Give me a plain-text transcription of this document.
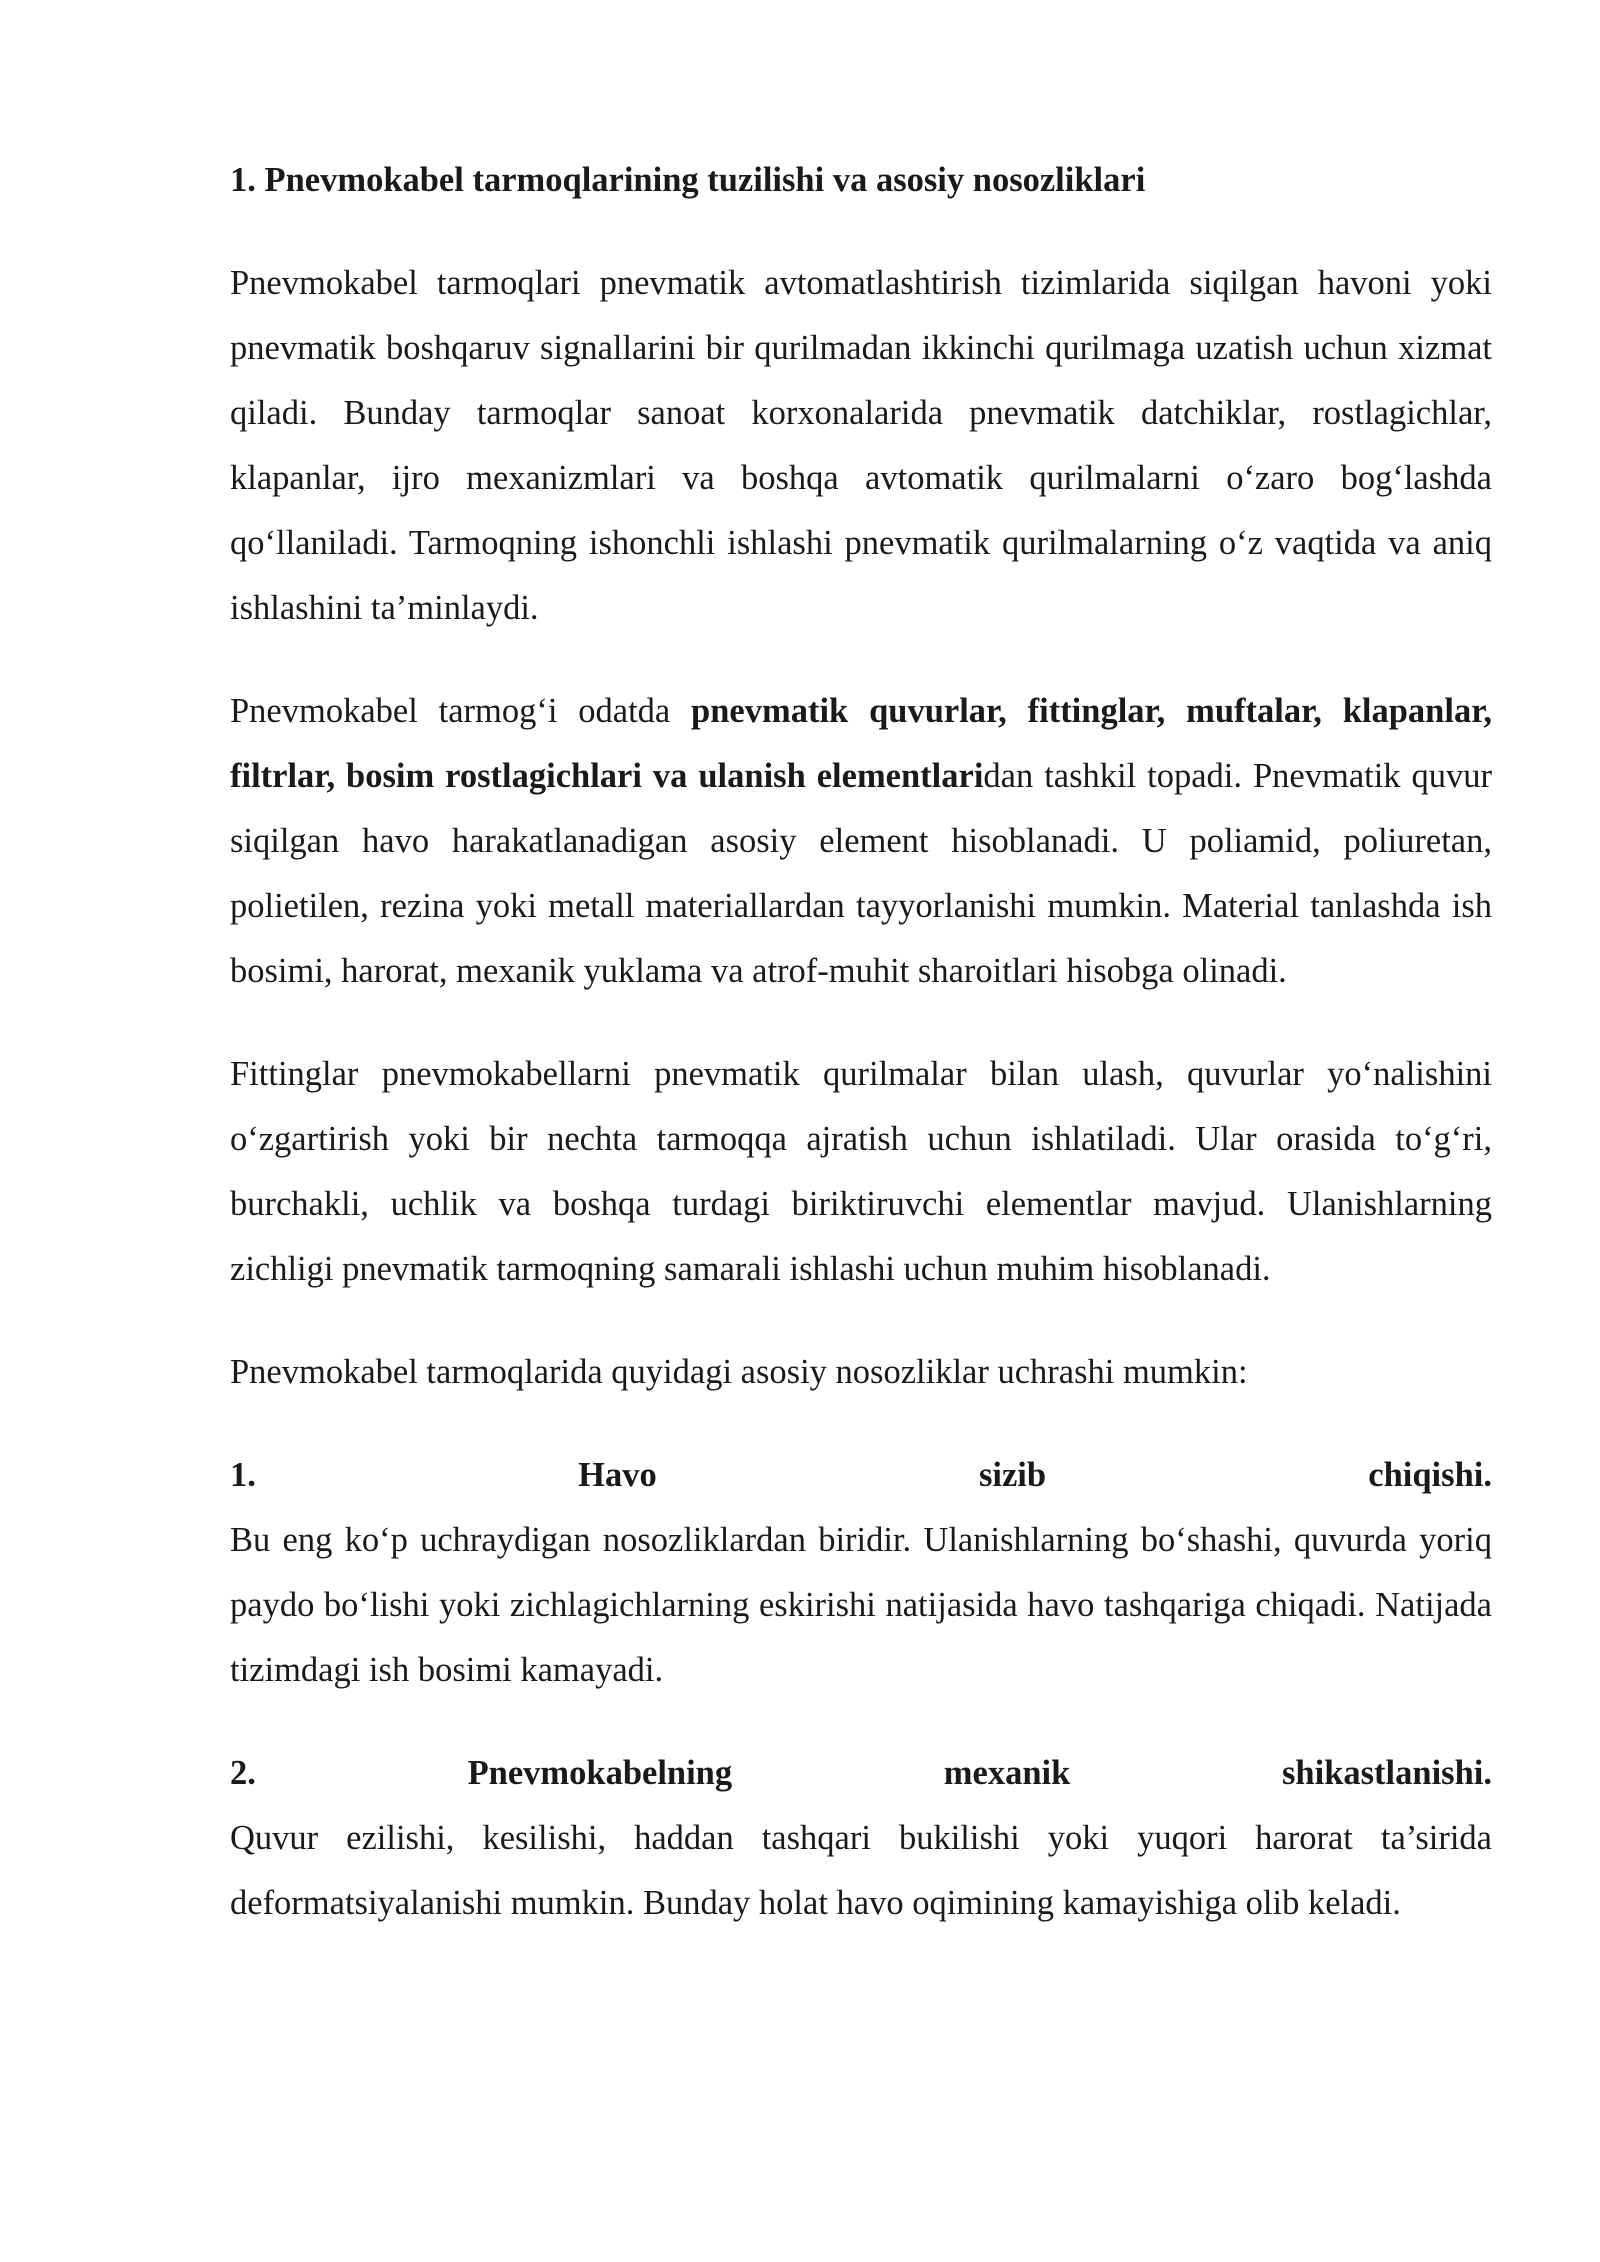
1. Pnevmokabel tarmoqlarining tuzilishi va asosiy nosozliklari

Pnevmokabel tarmoqlari pnevmatik avtomatlashtirish tizimlarida siqilgan havoni yoki pnevmatik boshqaruv signallarini bir qurilmadan ikkinchi qurilmaga uzatish uchun xizmat qiladi. Bunday tarmoqlar sanoat korxonalarida pnevmatik datchiklar, rostlagichlar, klapanlar, ijro mexanizmlari va boshqa avtomatik qurilmalarni o‘zaro bog‘lashda qo‘llaniladi. Tarmoqning ishonchli ishlashi pnevmatik qurilmalarning o‘z vaqtida va aniq ishlashini ta’minlaydi.

Pnevmokabel tarmog‘i odatda pnevmatik quvurlar, fittinglar, muftalar, klapanlar, filtrlar, bosim rostlagichlari va ulanish elementlaridan tashkil topadi. Pnevmatik quvur siqilgan havo harakatlanadigan asosiy element hisoblanadi. U poliamid, poliuretan, polietilen, rezina yoki metall materiallardan tayyorlanishi mumkin. Material tanlashda ish bosimi, harorat, mexanik yuklama va atrof-muhit sharoitlari hisobga olinadi.

Fittinglar pnevmokabellarni pnevmatik qurilmalar bilan ulash, quvurlar yo‘nalishini o‘zgartirish yoki bir nechta tarmoqqa ajratish uchun ishlatiladi. Ular orasida to‘g‘ri, burchakli, uchlik va boshqa turdagi biriktiruvchi elementlar mavjud. Ulanishlarning zichligi pnevmatik tarmoqning samarali ishlashi uchun muhim hisoblanadi.

Pnevmokabel tarmoqlarida quyidagi asosiy nosozliklar uchrashi mumkin:

1.	Havo	sizib	chiqishi.
Bu eng ko‘p uchraydigan nosozliklardan biridir. Ulanishlarning bo‘shashi, quvurda yoriq paydo bo‘lishi yoki zichlagichlarning eskirishi natijasida havo tashqariga chiqadi. Natijada tizimdagi ish bosimi kamayadi.
2.	Pnevmokabelning	mexanik	shikastlanishi.
Quvur ezilishi, kesilishi, haddan tashqari bukilishi yoki yuqori harorat ta’sirida deformatsiyalanishi mumkin. Bunday holat havo oqimining kamayishiga olib keladi.
